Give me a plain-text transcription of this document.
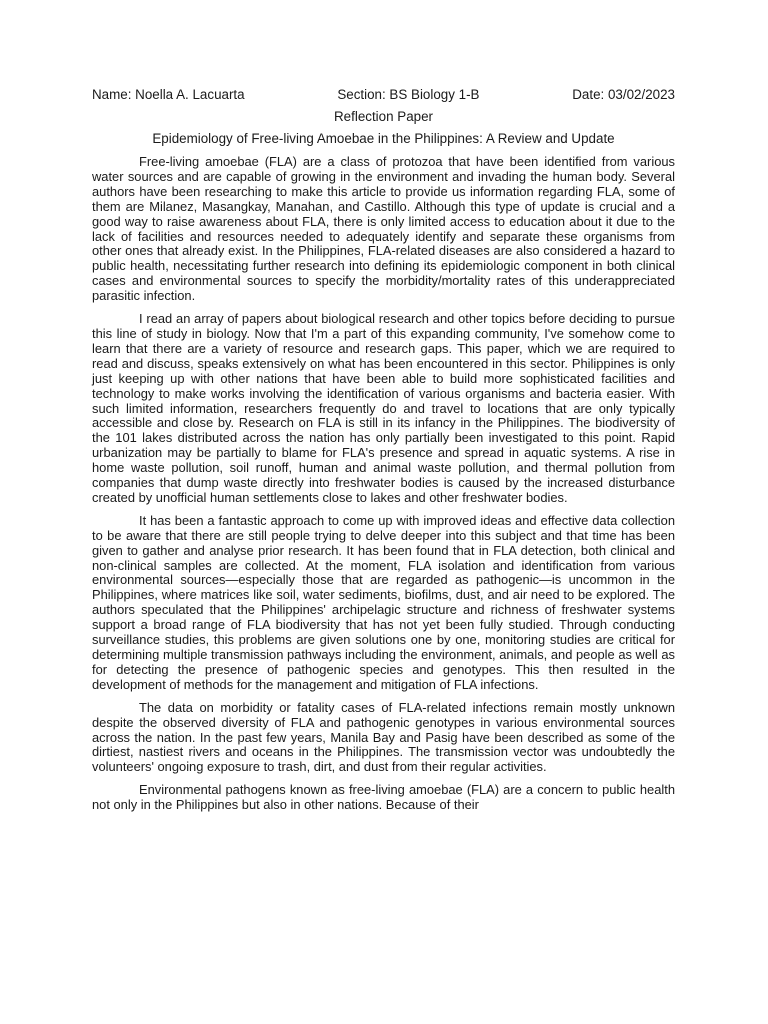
Name: Noella A. Lacuarta	Section: BS Biology 1-B	Date: 03/02/2023
Reflection Paper
Epidemiology of Free-living Amoebae in the Philippines: A Review and Update

Free-living amoebae (FLA) are a class of protozoa that have been identified from various water sources and are capable of growing in the environment and invading the human body. Several authors have been researching to make this article to provide us information regarding FLA, some of them are Milanez, Masangkay, Manahan, and Castillo. Although this type of update is crucial and a good way to raise awareness about FLA, there is only limited access to education about it due to the lack of facilities and resources needed to adequately identify and separate these organisms from other ones that already exist. In the Philippines, FLA-related diseases are also considered a hazard to public health, necessitating further research into defining its epidemiologic component in both clinical cases and environmental sources to specify the morbidity/mortality rates of this underappreciated parasitic infection.

I read an array of papers about biological research and other topics before deciding to pursue this line of study in biology. Now that I'm a part of this expanding community, I've somehow come to learn that there are a variety of resource and research gaps. This paper, which we are required to read and discuss, speaks extensively on what has been encountered in this sector. Philippines is only just keeping up with other nations that have been able to build more sophisticated facilities and technology to make works involving the identification of various organisms and bacteria easier. With such limited information, researchers frequently do and travel to locations that are only typically accessible and close by. Research on FLA is still in its infancy in the Philippines. The biodiversity of the 101 lakes distributed across the nation has only partially been investigated to this point. Rapid urbanization may be partially to blame for FLA's presence and spread in aquatic systems. A rise in home waste pollution, soil runoff, human and animal waste pollution, and thermal pollution from companies that dump waste directly into freshwater bodies is caused by the increased disturbance created by unofficial human settlements close to lakes and other freshwater bodies.

It has been a fantastic approach to come up with improved ideas and effective data collection to be aware that there are still people trying to delve deeper into this subject and that time has been given to gather and analyse prior research. It has been found that in FLA detection, both clinical and non-clinical samples are collected. At the moment, FLA isolation and identification from various environmental sources—especially those that are regarded as pathogenic—is uncommon in the Philippines, where matrices like soil, water sediments, biofilms, dust, and air need to be explored. The authors speculated that the Philippines' archipelagic structure and richness of freshwater systems support a broad range of FLA biodiversity that has not yet been fully studied. Through conducting surveillance studies, this problems are given solutions one by one, monitoring studies are critical for determining multiple transmission pathways including the environment, animals, and people as well as for detecting the presence of pathogenic species and genotypes. This then resulted in the development of methods for the management and mitigation of FLA infections.

The data on morbidity or fatality cases of FLA-related infections remain mostly unknown despite the observed diversity of FLA and pathogenic genotypes in various environmental sources across the nation. In the past few years, Manila Bay and Pasig have been described as some of the dirtiest, nastiest rivers and oceans in the Philippines. The transmission vector was undoubtedly the volunteers' ongoing exposure to trash, dirt, and dust from their regular activities.

Environmental pathogens known as free-living amoebae (FLA) are a concern to public health not only in the Philippines but also in other nations. Because of their
